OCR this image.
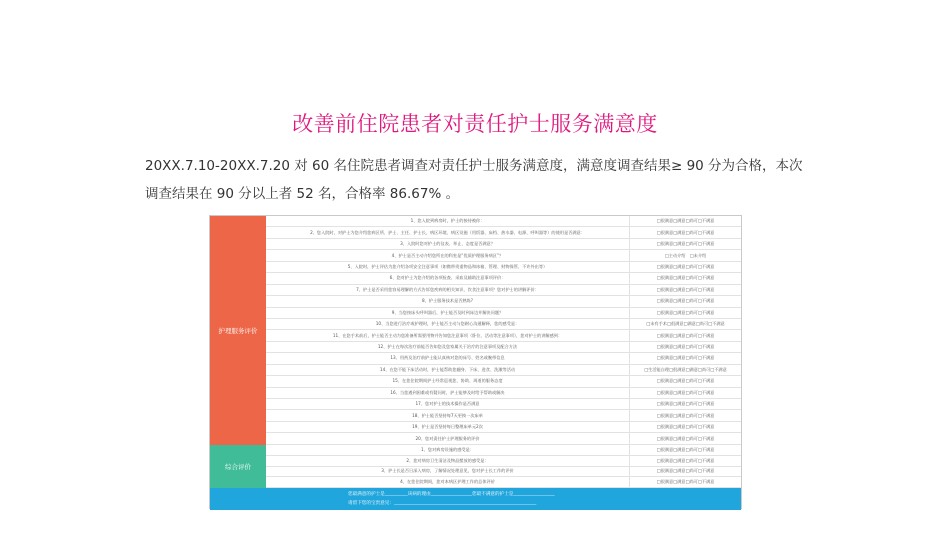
改善前住院患者对责任护士服务满意度
20XX.7.10-20XX.7.20 对 60 名住院患者调查对责任护士服务满意度，满意度调查结果≥ 90 分为合格，本次调查结果在 90 分以上者 52 名，合格率 86.67% 。
护理服务评价
综合评价
1、您入院到病房时，护士的接待被你：	□很满意□满意□尚可□不满意
2、您入院时，对护士为您介绍您病区所、护士、主任、护士长、病区环境、病区设施（用饭器、床档、热水器、电源、呼叫器等）的使用是否满意：	□很满意□满意□尚可□不满意
3、入院时您对护士的仪表、举止、态度是否满意？	□很满意□满意□尚可□不满意
4、护士是否主动介绍您所在的科室是“优质护理服务病区”？	□主动介绍　□未介绍
5、入院时，护士评估为您介绍各项安全注意事项（如携带贵重物品和冰箱、管理、财物保管、不许外出等）	□很满意□满意□尚可□不满意
6、您对护士为您介绍的各项检查、采血及辅助注意事项评价：	□很满意□满意□尚可□不满意
7、护士是否采用您容易理解的方式告诉您疾病的相关知识、饮食注意事项？您对护士的讲解评价：	□很满意□满意□尚可□不满意
8、护士服务技术是否熟练?	□很满意□满意□尚可□不满意
9、当您按床头呼叫器后，护士能否及时到床边并解决问题？	□很满意□满意□尚可□不满意
10、当您进行治疗或护理时，护士能否主动与您耐心沟通解释，您的感受是：	□未有手术□很满意□满意□尚可□不满意
11、在您手术前后，护士能否主动为您准备所需要用物并告知您注意事项（卧位、活动等注意事项），您对护士的讲解感到：	□很满意□满意□尚可□不满意
12、护士在每次治疗前能否告知您及您家属关于治疗的注意事项及配合方法	□很满意□满意□尚可□不满意
13、用药及治疗前护士能认真核对您的床号、姓名或腕带信息	□很满意□满意□尚可□不满意
14、在您不能下床活动时，护士能帮助您翻身、下床、进食、洗漱等活动	□生活能自理□很满意□满意□尚可□不满意
15、在您住院期间护士经常巡视您、协助、周道的服务态度	□很满意□满意□尚可□不满意
16、当您遇到困难或有疑问时，护士能够及时给予帮助或解决	□很满意□满意□尚可□不满意
17、您对护士的技术操作是否满意	□很满意□满意□尚可□不满意
18、护士能否坚持每7天更换一次床单	□很满意□满意□尚可□不满意
19、护士是否坚持每日整理床单元2次	□很满意□满意□尚可□不满意
20、您对责任护士护理服务的评价	□很满意□满意□尚可□不满意
1、您对病房设施的感受是：	□很满意□满意□尚可□不满意
2、您对病房卫生清洁及物品摆放的感受是：	□很满意□满意□尚可□不满意
3、护士长是否日深入病房，了解情况处理意见，您对护士长工作的评价	□很满意□满意□尚可□不满意
4、在您住院期间，您对本病区护理工作的总体评价	□很满意□满意□尚可□不满意
您最满意的护士是__________该病的理由__________________您最不满意的护士是__________________
请留下您的宝贵意见：______________________________________________________________
